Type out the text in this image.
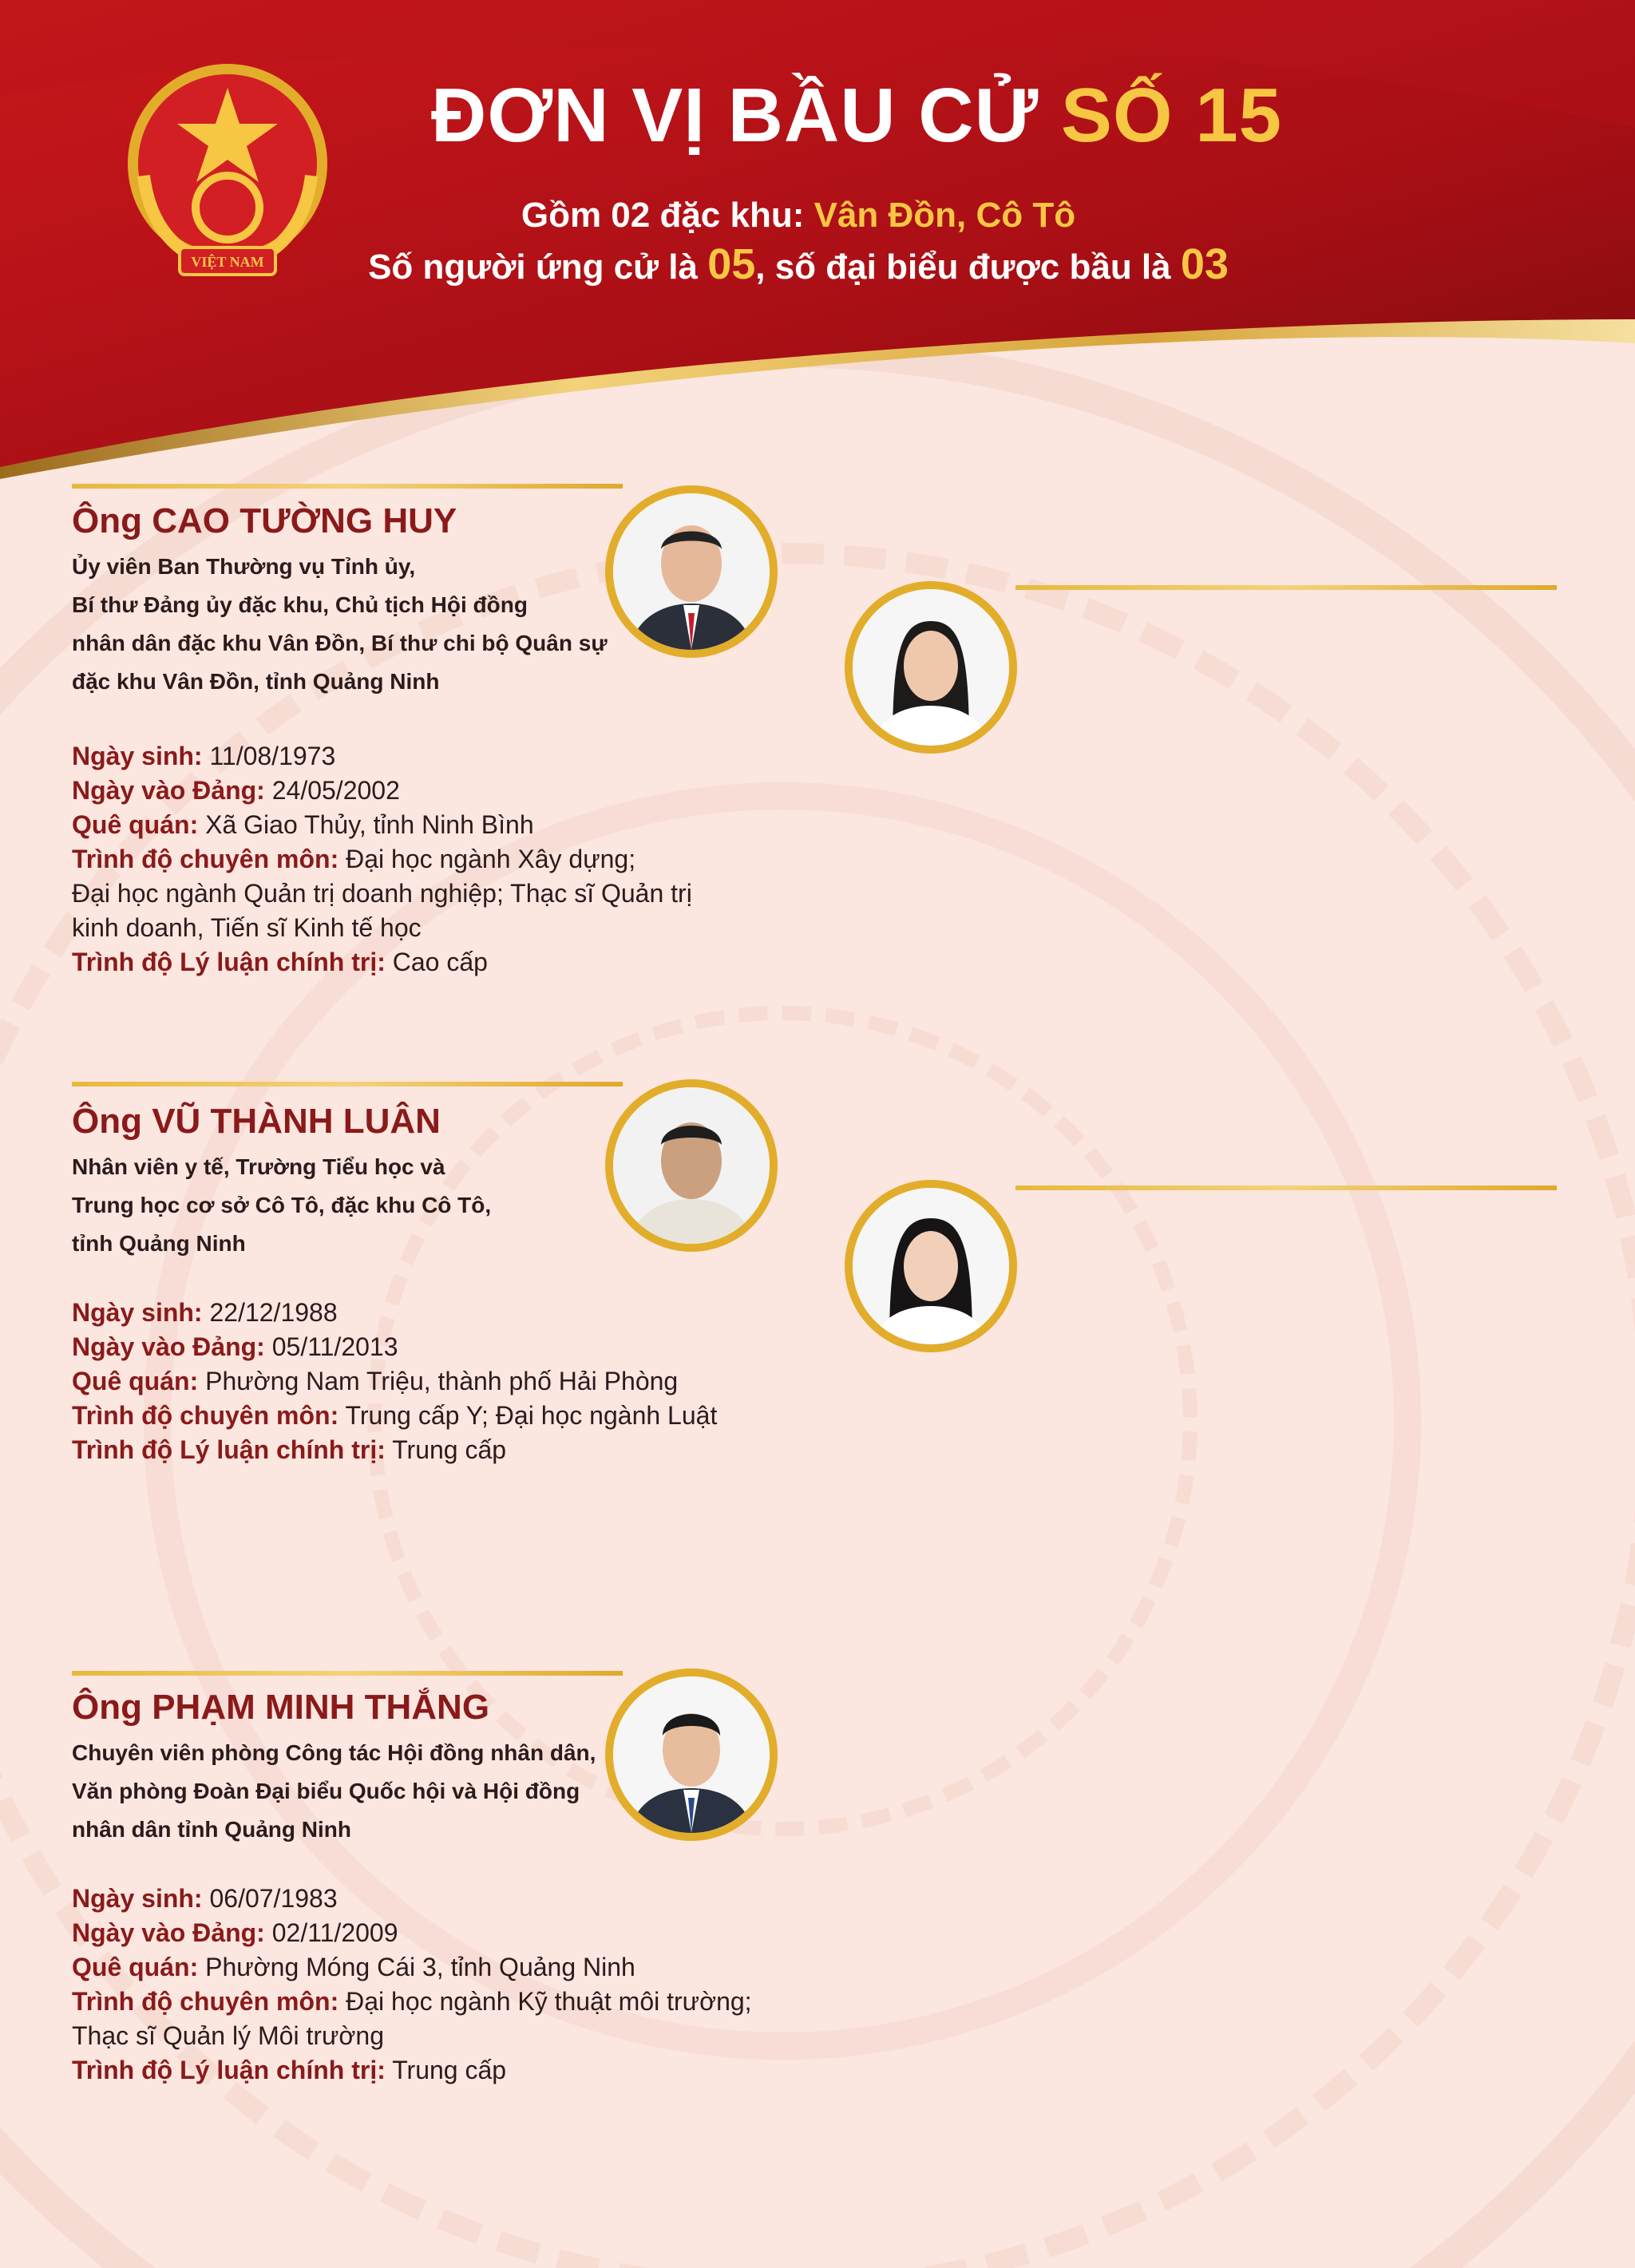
VIỆT NAM
ĐƠN VỊ BẦU CỬ SỐ 15

Gồm 02 đặc khu: Vân Đồn, Cô Tô

Số người ứng cử là 05, số đại biểu được bầu là 03

Ông CAO TƯỜNG HUY

Ủy viên Ban Thường vụ Tỉnh ủy,
Bí thư Đảng ủy đặc khu, Chủ tịch Hội đồng
nhân dân đặc khu Vân Đồn, Bí thư chi bộ Quân sự
đặc khu Vân Đồn, tỉnh Quảng Ninh

Ngày sinh: 11/08/1973
Ngày vào Đảng: 24/05/2002
Quê quán: Xã Giao Thủy, tỉnh Ninh Bình
Trình độ chuyên môn: Đại học ngành Xây dựng;
Đại học ngành Quản trị doanh nghiệp; Thạc sĩ Quản trị
kinh doanh, Tiến sĩ Kinh tế học
Trình độ Lý luận chính trị: Cao cấp

Ông VŨ THÀNH LUÂN

Nhân viên y tế, Trường Tiểu học và
Trung học cơ sở Cô Tô, đặc khu Cô Tô,
tỉnh Quảng Ninh

Ngày sinh: 22/12/1988
Ngày vào Đảng: 05/11/2013
Quê quán: Phường Nam Triệu, thành phố Hải Phòng
Trình độ chuyên môn: Trung cấp Y; Đại học ngành Luật
Trình độ Lý luận chính trị: Trung cấp

Ông PHẠM MINH THẮNG

Chuyên viên phòng Công tác Hội đồng nhân dân,
Văn phòng Đoàn Đại biểu Quốc hội và Hội đồng
nhân dân tỉnh Quảng Ninh

Ngày sinh: 06/07/1983
Ngày vào Đảng: 02/11/2009
Quê quán: Phường Móng Cái 3, tỉnh Quảng Ninh
Trình độ chuyên môn: Đại học ngành Kỹ thuật môi trường;
Thạc sĩ Quản lý Môi trường
Trình độ Lý luận chính trị: Trung cấp
